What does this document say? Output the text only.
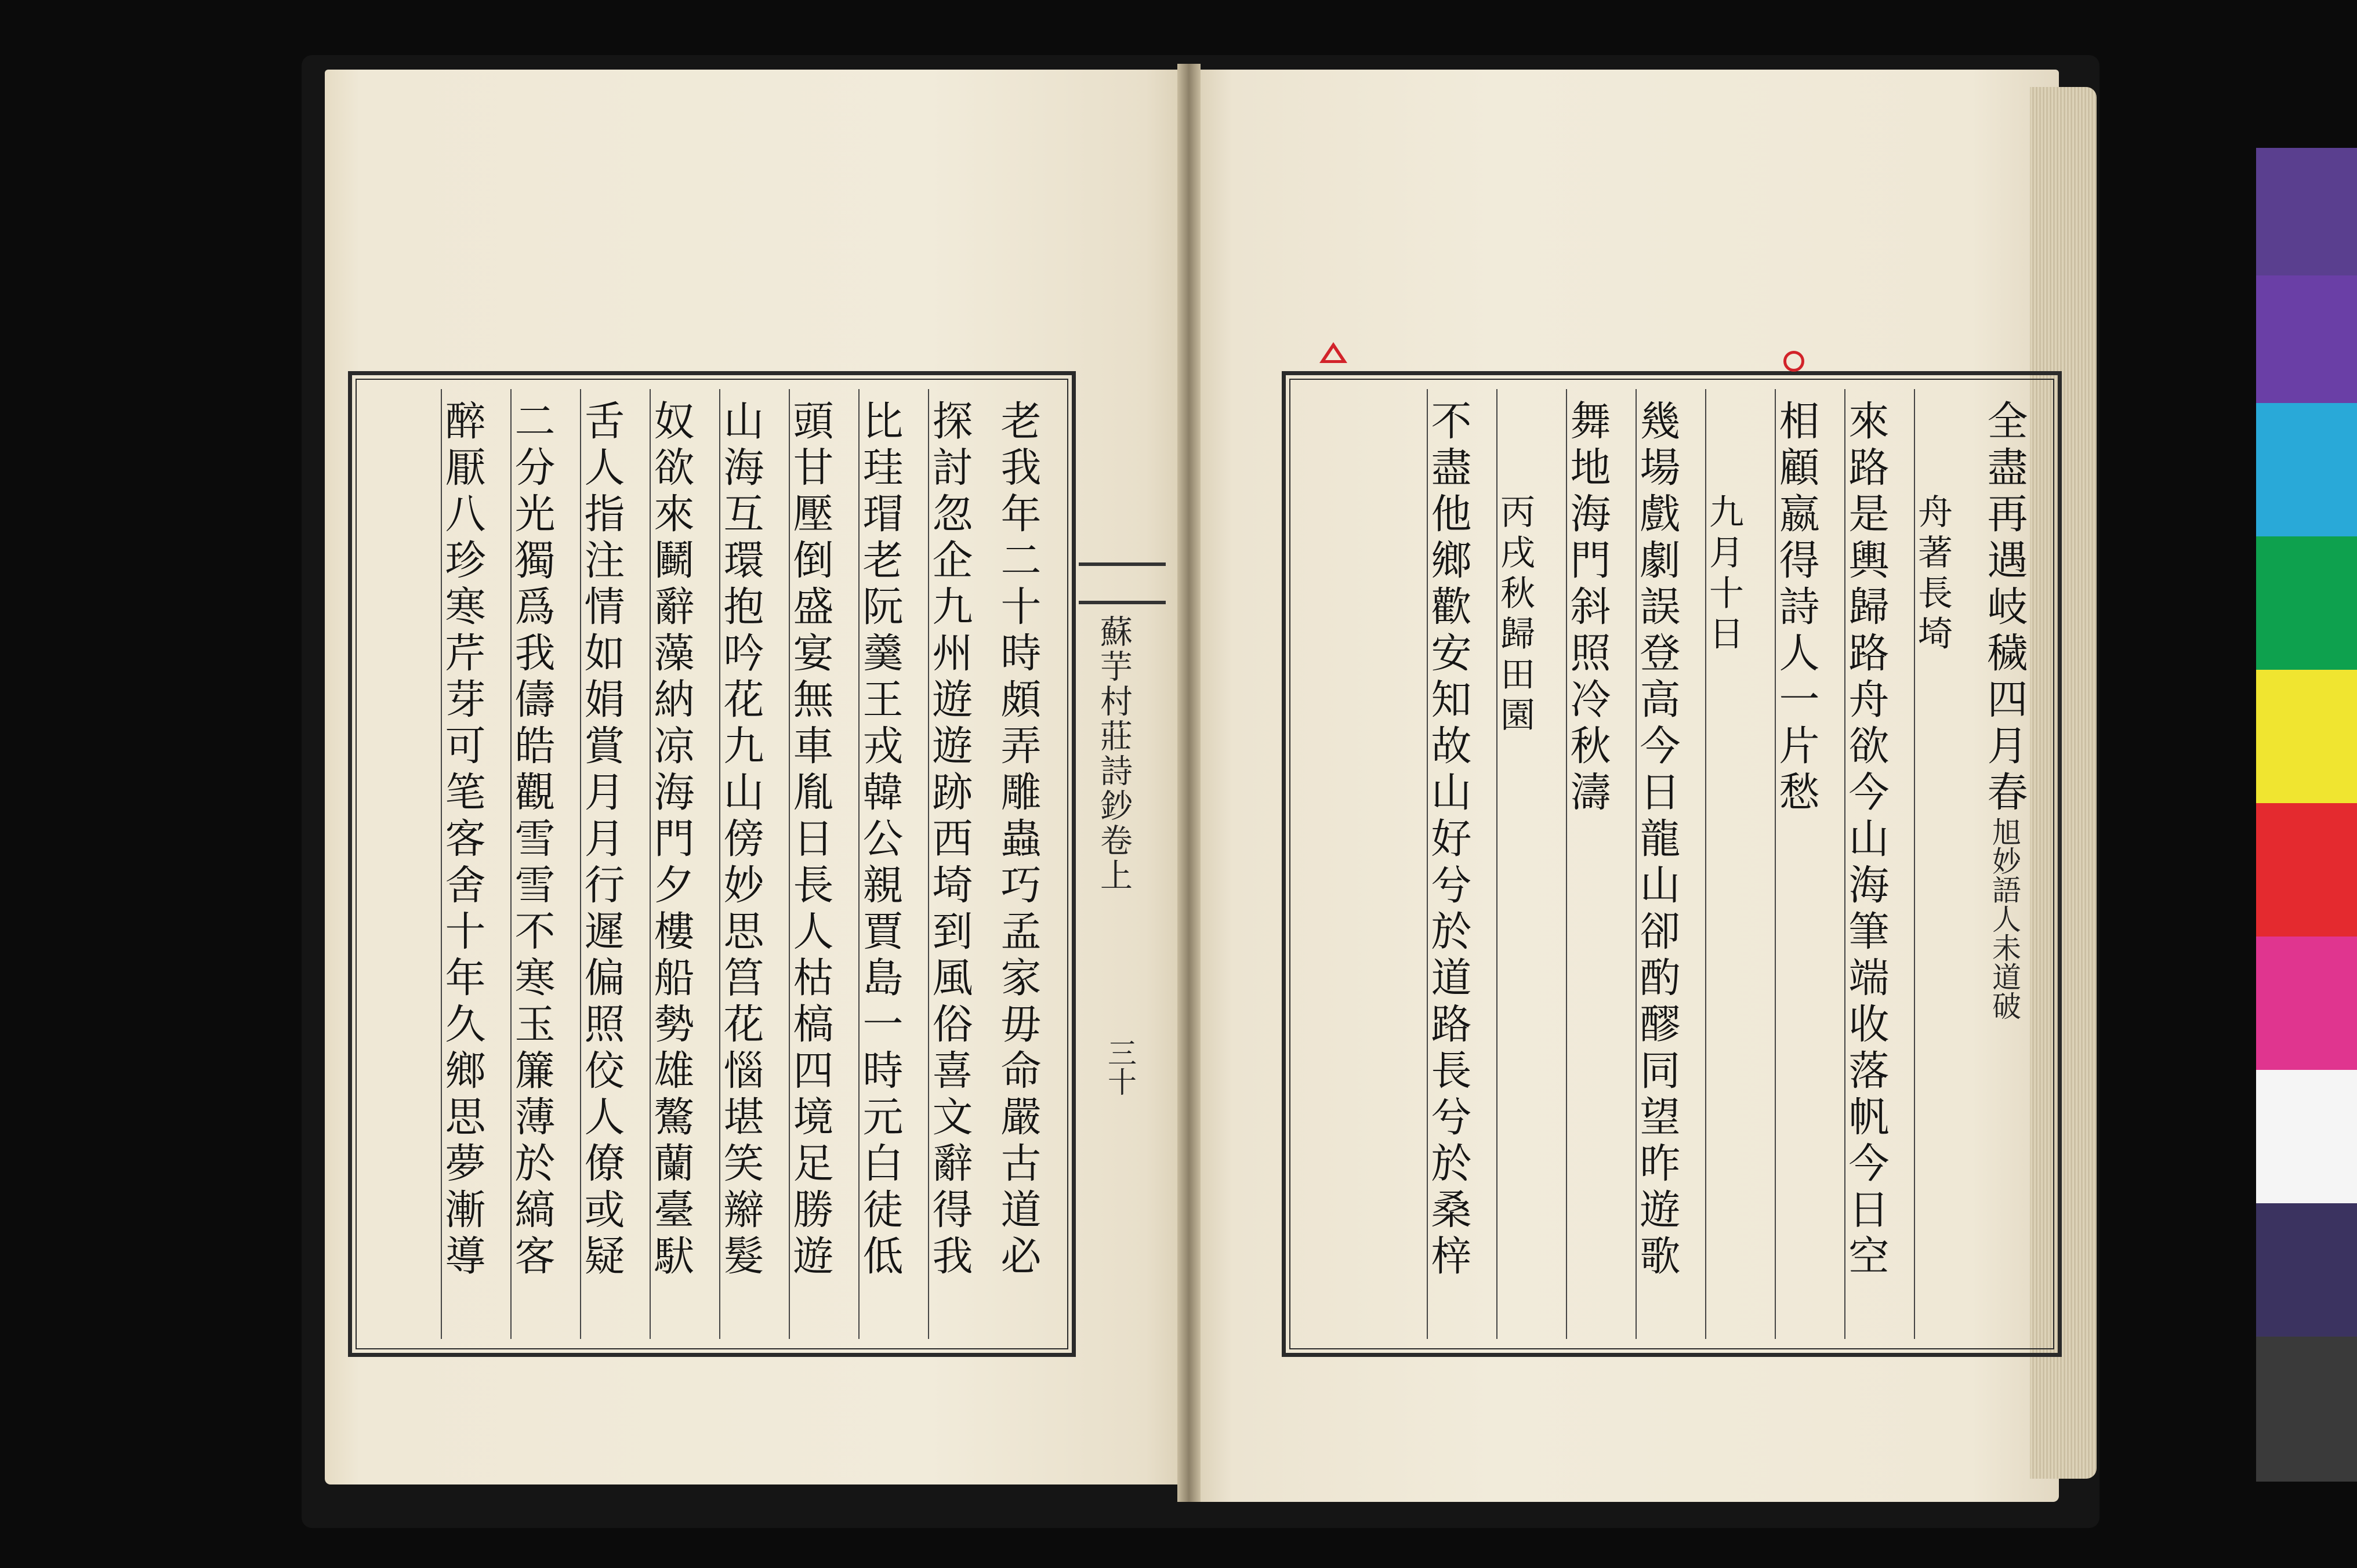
老我年二十時頗弄雕蟲巧孟家毋命嚴古道必
探討忽企九州遊遊跡西埼到風俗喜文辭得我
比珪瑁老阮羹王戎韓公親賈島一時元白徒低
頭甘壓倒盛宴無車胤日長人枯槁四境足勝遊
山海互環抱吟花九山傍妙思筥花惱堪笑辮髮
奴欲來鬭辭藻納凉海門夕樓船勢雄驁蘭臺䭾
舌人指注情如娟賞月月行遲偏照佼人僚或疑
二分光獨爲我儔皓觀雪雪不寒玉簾薄於縞客
醉厭八珍寒芹芽可笔客舍十年久鄉思夢漸導	蘇芋村莊詩鈔卷上
三十
全盡再遇岐穢四月春
旭妙語人未道破
舟著長埼
來路是輿歸路舟欲今山海筆端收落帆今日空
相顧嬴得詩人一片愁
九月十日
幾場戲劇誤登高今日龍山卻酌醪同望昨遊歌
舞地海門斜照冷秋濤
丙戌秋歸田園
不盡他鄉歡安知故山好兮於道路長兮於桑梓
